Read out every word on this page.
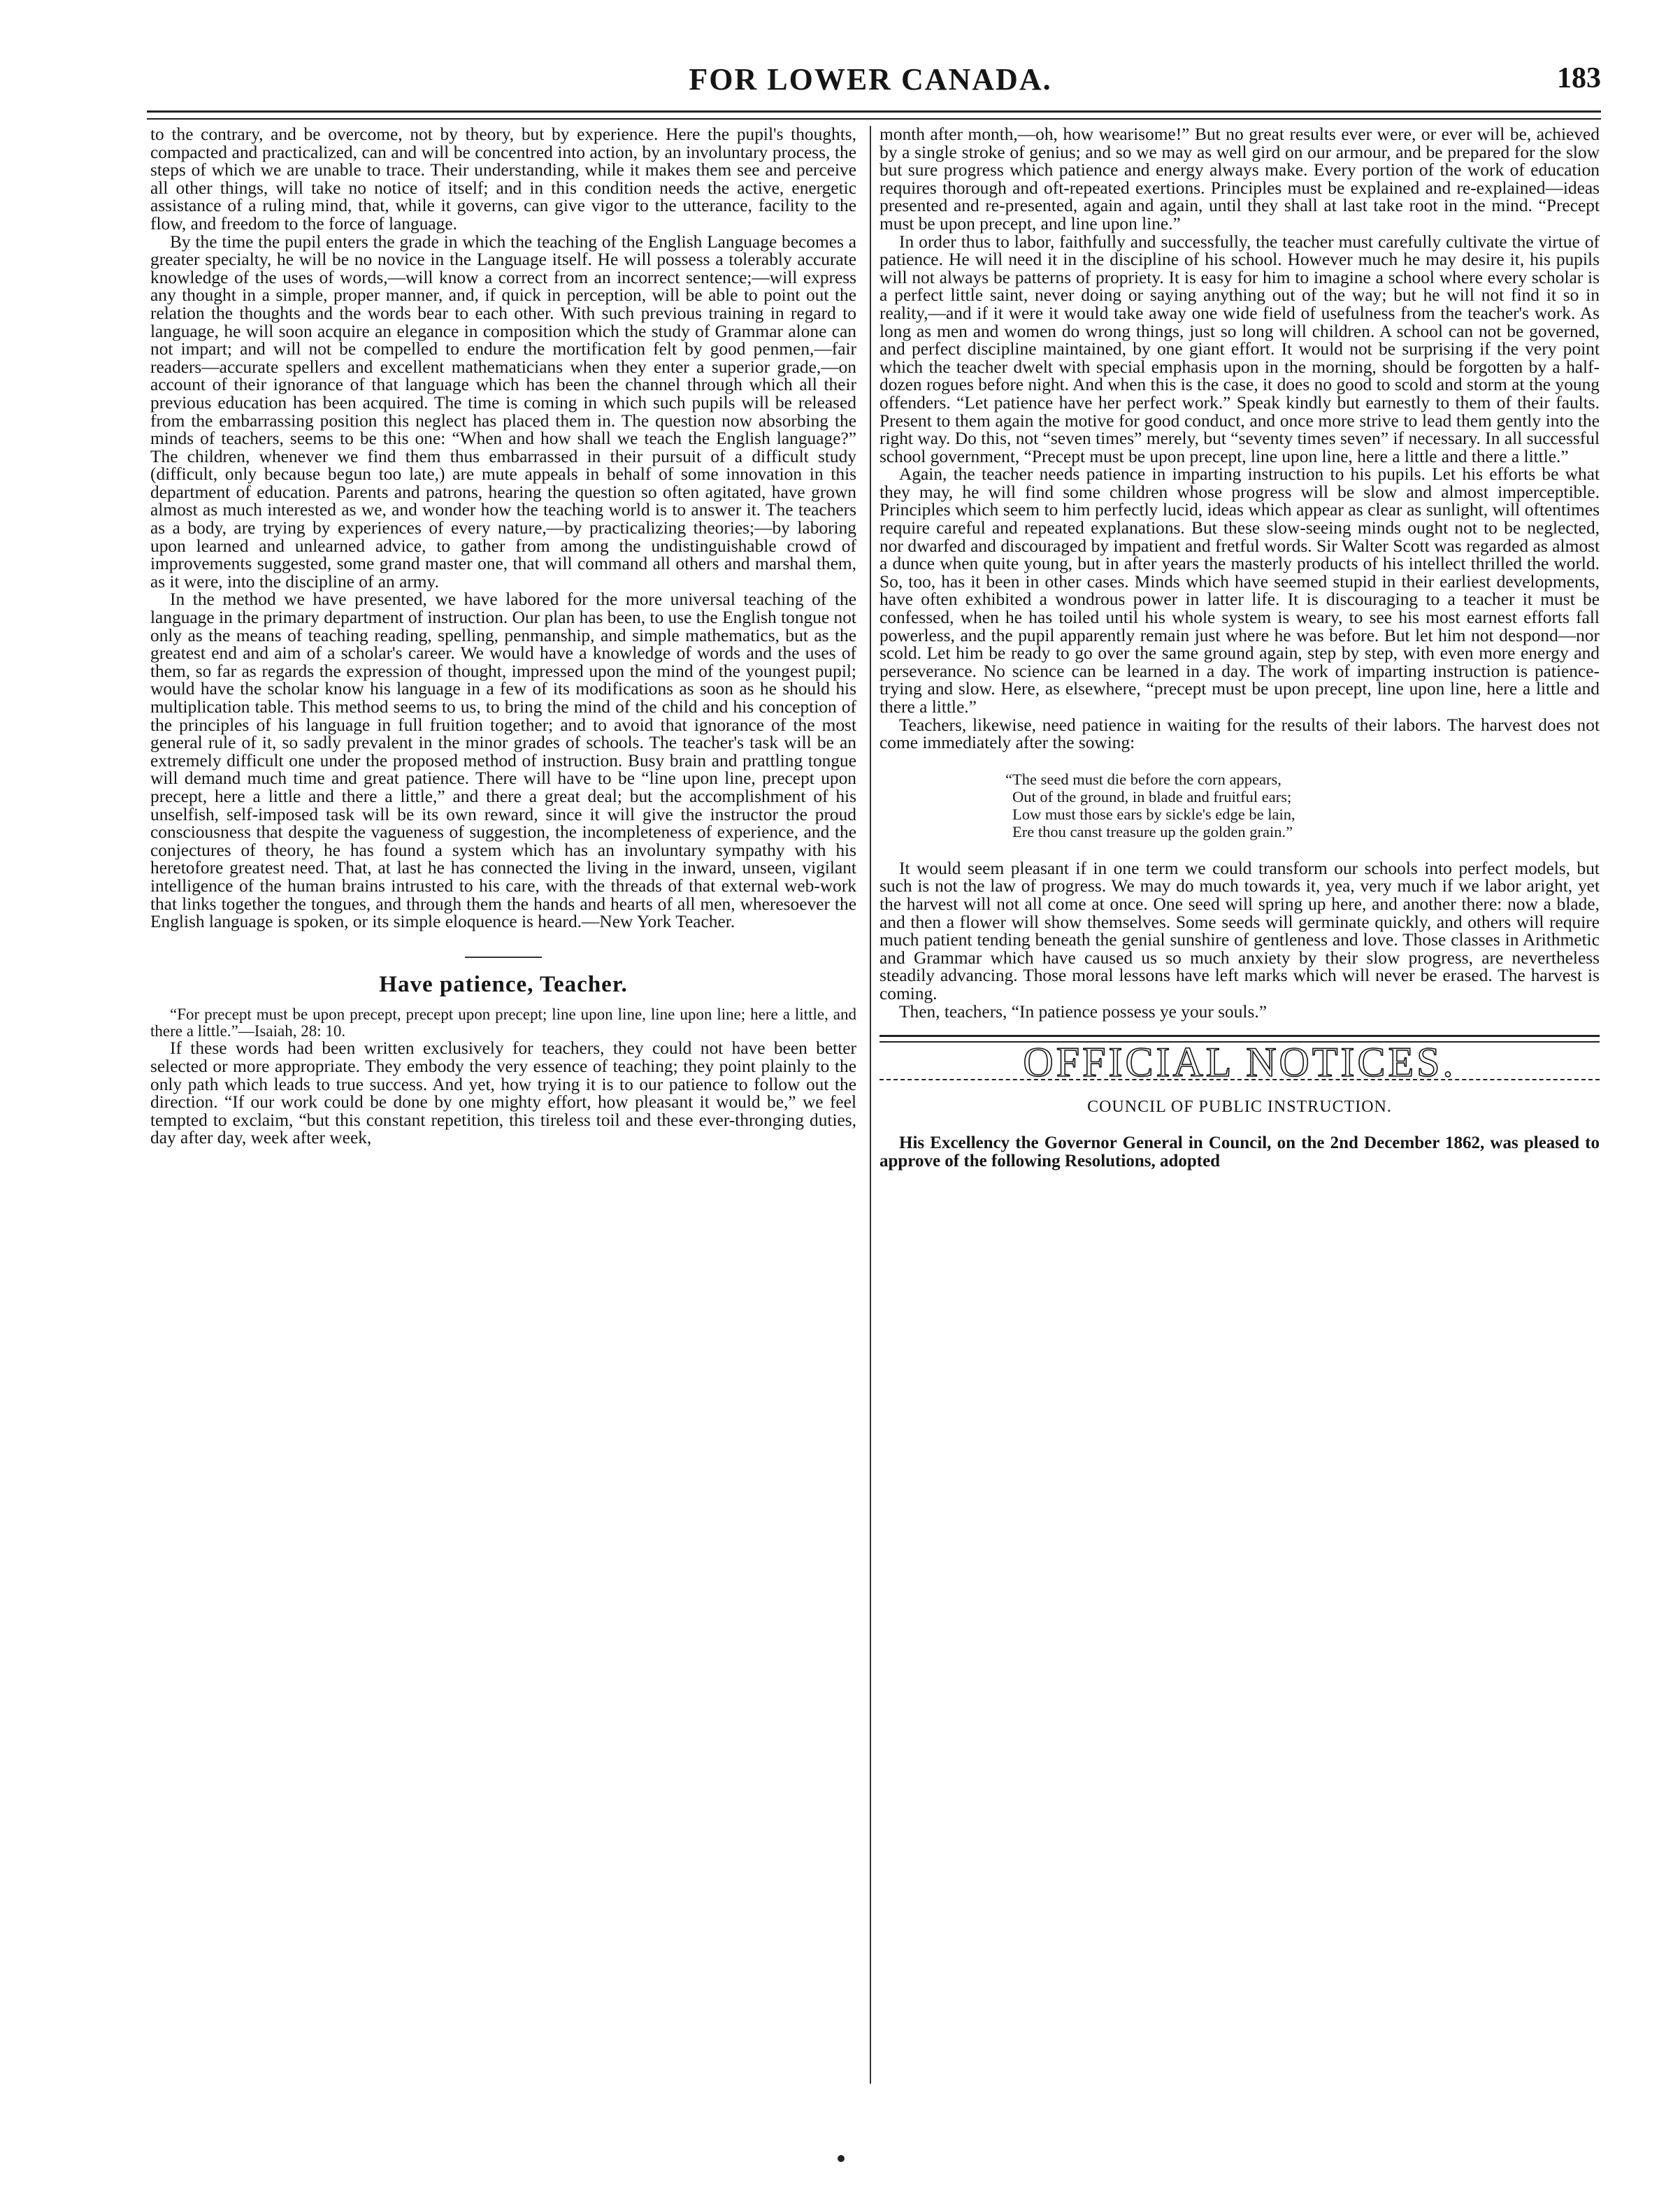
FOR LOWER CANADA.	183

to the contrary, and be overcome, not by theory, but by experience. Here the pupil's thoughts, compacted and practicalized, can and will be concentred into action, by an involuntary process, the steps of which we are unable to trace. Their understanding, while it makes them see and perceive all other things, will take no notice of itself; and in this condition needs the active, energetic assistance of a ruling mind, that, while it governs, can give vigor to the utterance, facility to the flow, and freedom to the force of language.

By the time the pupil enters the grade in which the teaching of the English Language becomes a greater specialty, he will be no novice in the Language itself. He will possess a tolerably accurate knowledge of the uses of words,—will know a correct from an incorrect sentence;—will express any thought in a simple, proper manner, and, if quick in perception, will be able to point out the relation the thoughts and the words bear to each other. With such previous training in regard to language, he will soon acquire an elegance in composition which the study of Grammar alone can not impart; and will not be compelled to endure the mortification felt by good penmen,—fair readers—accurate spellers and excellent mathematicians when they enter a superior grade,—on account of their ignorance of that language which has been the channel through which all their previous education has been acquired. The time is coming in which such pupils will be released from the embarrassing position this neglect has placed them in. The question now absorbing the minds of teachers, seems to be this one: “When and how shall we teach the English language?” The children, whenever we find them thus embarrassed in their pursuit of a difficult study (difficult, only because begun too late,) are mute appeals in behalf of some innovation in this department of education. Parents and patrons, hearing the question so often agitated, have grown almost as much interested as we, and wonder how the teaching world is to answer it. The teachers as a body, are trying by experiences of every nature,—by practicalizing theories;—by laboring upon learned and unlearned advice, to gather from among the undistinguishable crowd of improvements suggested, some grand master one, that will command all others and marshal them, as it were, into the discipline of an army.

In the method we have presented, we have labored for the more universal teaching of the language in the primary department of instruction. Our plan has been, to use the English tongue not only as the means of teaching reading, spelling, penmanship, and simple mathematics, but as the greatest end and aim of a scholar's career. We would have a knowledge of words and the uses of them, so far as regards the expression of thought, impressed upon the mind of the youngest pupil; would have the scholar know his language in a few of its modifications as soon as he should his multiplication table. This method seems to us, to bring the mind of the child and his conception of the principles of his language in full fruition together; and to avoid that ignorance of the most general rule of it, so sadly prevalent in the minor grades of schools. The teacher's task will be an extremely difficult one under the proposed method of instruction. Busy brain and prattling tongue will demand much time and great patience. There will have to be “line upon line, precept upon precept, here a little and there a little,” and there a great deal; but the accomplishment of his unselfish, self-imposed task will be its own reward, since it will give the instructor the proud consciousness that despite the vagueness of suggestion, the incompleteness of experience, and the conjectures of theory, he has found a system which has an involuntary sympathy with his heretofore greatest need. That, at last he has connected the living in the inward, unseen, vigilant intelligence of the human brains intrusted to his care, with the threads of that external web-work that links together the tongues, and through them the hands and hearts of all men, wheresoever the English language is spoken, or its simple eloquence is heard.—New York Teacher.

Have patience, Teacher.

“For precept must be upon precept, precept upon precept; line upon line, line upon line; here a little, and there a little.”—Isaiah, 28: 10.

If these words had been written exclusively for teachers, they could not have been better selected or more appropriate. They embody the very essence of teaching; they point plainly to the only path which leads to true success. And yet, how trying it is to our patience to follow out the direction. “If our work could be done by one mighty effort, how pleasant it would be,” we feel tempted to exclaim, “but this constant repetition, this tireless toil and these ever-thronging duties, day after day, week after week,

month after month,—oh, how wearisome!” But no great results ever were, or ever will be, achieved by a single stroke of genius; and so we may as well gird on our armour, and be prepared for the slow but sure progress which patience and energy always make. Every portion of the work of education requires thorough and oft-repeated exertions. Principles must be explained and re-explained—ideas presented and re-presented, again and again, until they shall at last take root in the mind. “Precept must be upon precept, and line upon line.”

In order thus to labor, faithfully and successfully, the teacher must carefully cultivate the virtue of patience. He will need it in the discipline of his school. However much he may desire it, his pupils will not always be patterns of propriety. It is easy for him to imagine a school where every scholar is a perfect little saint, never doing or saying anything out of the way; but he will not find it so in reality,—and if it were it would take away one wide field of usefulness from the teacher's work. As long as men and women do wrong things, just so long will children. A school can not be governed, and perfect discipline maintained, by one giant effort. It would not be surprising if the very point which the teacher dwelt with special emphasis upon in the morning, should be forgotten by a half-dozen rogues before night. And when this is the case, it does no good to scold and storm at the young offenders. “Let patience have her perfect work.” Speak kindly but earnestly to them of their faults. Present to them again the motive for good conduct, and once more strive to lead them gently into the right way. Do this, not “seven times” merely, but “seventy times seven” if necessary. In all successful school government, “Precept must be upon precept, line upon line, here a little and there a little.”

Again, the teacher needs patience in imparting instruction to his pupils. Let his efforts be what they may, he will find some children whose progress will be slow and almost imperceptible. Principles which seem to him perfectly lucid, ideas which appear as clear as sunlight, will oftentimes require careful and repeated explanations. But these slow-seeing minds ought not to be neglected, nor dwarfed and discouraged by impatient and fretful words. Sir Walter Scott was regarded as almost a dunce when quite young, but in after years the masterly products of his intellect thrilled the world. So, too, has it been in other cases. Minds which have seemed stupid in their earliest developments, have often exhibited a wondrous power in latter life. It is discouraging to a teacher it must be confessed, when he has toiled until his whole system is weary, to see his most earnest efforts fall powerless, and the pupil apparently remain just where he was before. But let him not despond—nor scold. Let him be ready to go over the same ground again, step by step, with even more energy and perseverance. No science can be learned in a day. The work of imparting instruction is patience-trying and slow. Here, as elsewhere, “precept must be upon precept, line upon line, here a little and there a little.”

Teachers, likewise, need patience in waiting for the results of their labors. The harvest does not come immediately after the sowing:

“The seed must die before the corn appears,
Out of the ground, in blade and fruitful ears;
Low must those ears by sickle's edge be lain,
Ere thou canst treasure up the golden grain.”

It would seem pleasant if in one term we could transform our schools into perfect models, but such is not the law of progress. We may do much towards it, yea, very much if we labor aright, yet the harvest will not all come at once. One seed will spring up here, and another there: now a blade, and then a flower will show themselves. Some seeds will germinate quickly, and others will require much patient tending beneath the genial sunshire of gentleness and love. Those classes in Arithmetic and Grammar which have caused us so much anxiety by their slow progress, are nevertheless steadily advancing. Those moral lessons have left marks which will never be erased. The harvest is coming.

Then, teachers, “In patience possess ye your souls.”

OFFICIAL NOTICES.
COUNCIL OF PUBLIC INSTRUCTION.

His Excellency the Governor General in Council, on the 2nd December 1862, was pleased to approve of the following Resolutions, adopted
